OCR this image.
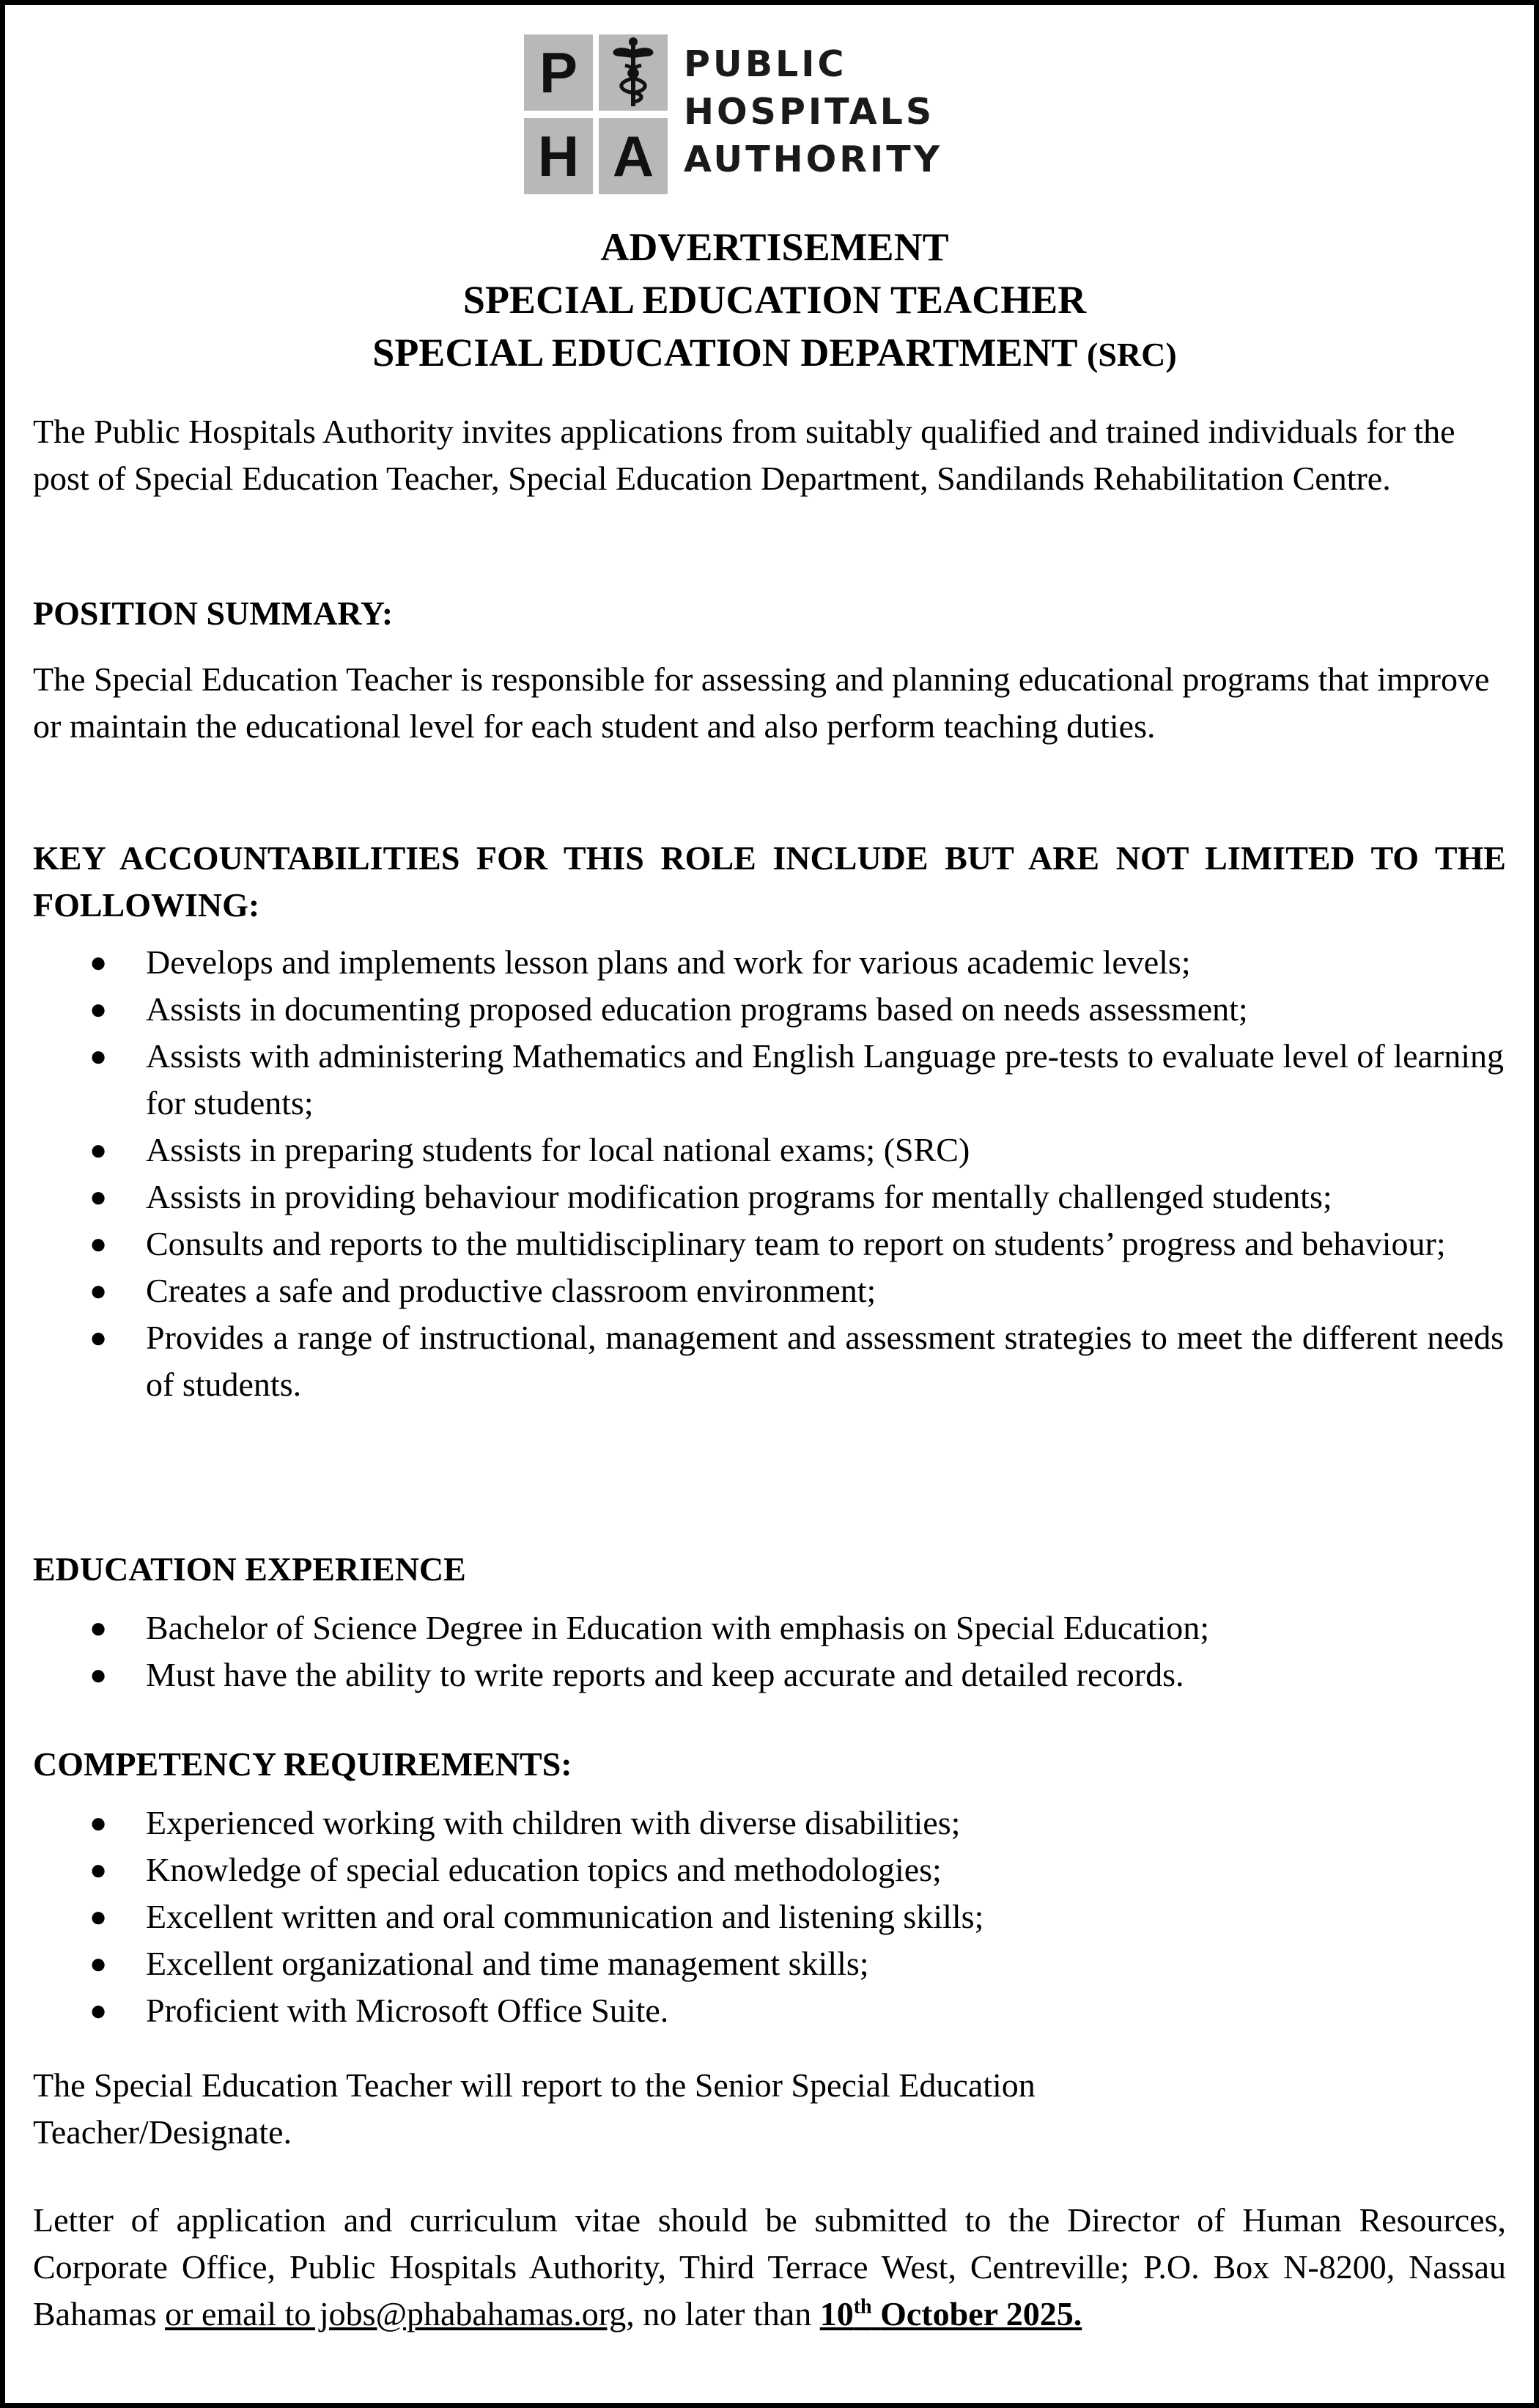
P
H A
PUBLIC
HOSPITALS
AUTHORITY
ADVERTISEMENT
SPECIAL EDUCATION TEACHER
SPECIAL EDUCATION DEPARTMENT (SRC)

The Public Hospitals Authority invites applications from suitably qualified and trained individuals for the post of Special Education Teacher, Special Education Department, Sandilands Rehabilitation Centre.

POSITION SUMMARY:

The Special Education Teacher is responsible for assessing and planning educational programs that improve or maintain the educational level for each student and also perform teaching duties.

KEY ACCOUNTABILITIES FOR THIS ROLE INCLUDE BUT ARE NOT LIMITED TO THE FOLLOWING:
● Develops and implements lesson plans and work for various academic levels;
● Assists in documenting proposed education programs based on needs assessment;
● Assists with administering Mathematics and English Language pre-tests to evaluate level of learning for students;
● Assists in preparing students for local national exams; (SRC)
● Assists in providing behaviour modification programs for mentally challenged students;
● Consults and reports to the multidisciplinary team to report on students’ progress and behaviour;
● Creates a safe and productive classroom environment;
● Provides a range of instructional, management and assessment strategies to meet the different needs of students.
EDUCATION EXPERIENCE
● Bachelor of Science Degree in Education with emphasis on Special Education;
● Must have the ability to write reports and keep accurate and detailed records.
COMPETENCY REQUIREMENTS:
● Experienced working with children with diverse disabilities;
● Knowledge of special education topics and methodologies;
● Excellent written and oral communication and listening skills;
● Excellent organizational and time management skills;
● Proficient with Microsoft Office Suite.

The Special Education Teacher will report to the Senior Special Education Teacher/Designate.

Letter of application and curriculum vitae should be submitted to the Director of Human Resources, Corporate Office, Public Hospitals Authority, Third Terrace West, Centreville; P.O. Box N-8200, Nassau Bahamas or email to jobs@phabahamas.org, no later than 10th October 2025.
